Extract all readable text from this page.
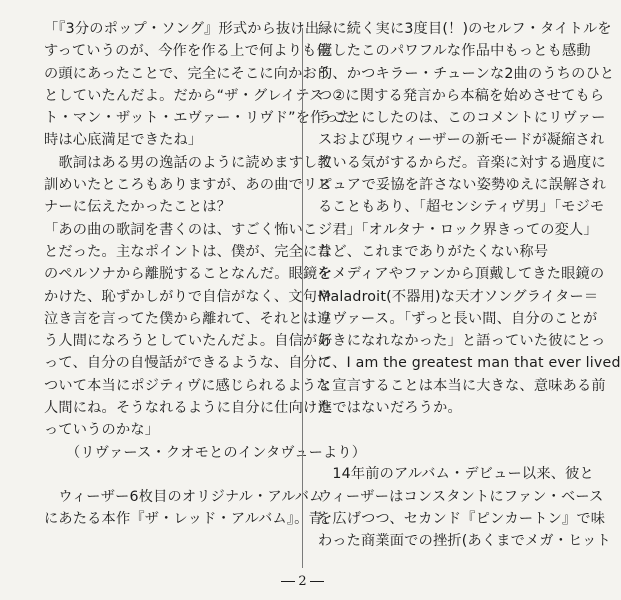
「『3分のポップ・ソング』形式から抜け出
すっていうのが、今作を作る上で何よりも僕
の頭にあったことで、完全にそこに向かおう
としていたんだよ。だから“ザ・グレイテス
ト・マン・ザット・エヴァー・リヴド”を作った
時は心底満足できたね」
　歌詞はある男の逸話のように読めますし教
訓めいたところもありますが、あの曲でリス
ナーに伝えたかったことは？
「あの曲の歌詞を書くのは、すごく怖いこ
とだった。主なポイントは、僕が、完全に昔
のペルソナから離脱することなんだ。眼鏡を
かけた、恥ずかしがりで自信がなく、文句や
泣き言を言ってた僕から離れて、それとは違
う人間になろうとしていたんだよ。自信があ
って、自分の自慢話ができるような、自分に
ついて本当にポジティヴに感じられるような
人間にね。そうなれるように自分に仕向けた
っていうのかな」
（リヴァース・クオモとのインタヴューより）
　ウィーザー6枚目のオリジナル・アルバム
にあたる本作『ザ・レッド・アルバム』。青、
緑に続く実に3度目(！)のセルフ・タイトルを
冠したこのパワフルな作品中もっとも感動
的、かつキラー・チューンな2曲のうちのひと
つ②に関する発言から本稿を始めさせてもら
うことにしたのは、このコメントにリヴァー
スおよび現ウィーザーの新モードが凝縮され
ている気がするからだ。音楽に対する過度に
ピュアで妥協を許さない姿勢ゆえに誤解され
ることもあり、「超センシティヴ男」「モジモ
ジ君」「オルタナ・ロック界きっての変人」
など、これまでありがたくない称号
をメディアやファンから頂戴してきた眼鏡の
Maladroit(不器用)な天才ソングライター＝
リヴァース。「ずっと長い間、自分のことが
好きになれなかった」と語っていた彼にとっ
て、I am the greatest man that ever lived
と宣言することは本当に大きな、意味ある前
進ではないだろうか。
　14年前のアルバム・デビュー以来、彼と
ウィーザーはコンスタントにファン・ベース
を広げつつ、セカンド『ピンカートン』で味
わった商業面での挫折(あくまでメガ・ヒット
2
